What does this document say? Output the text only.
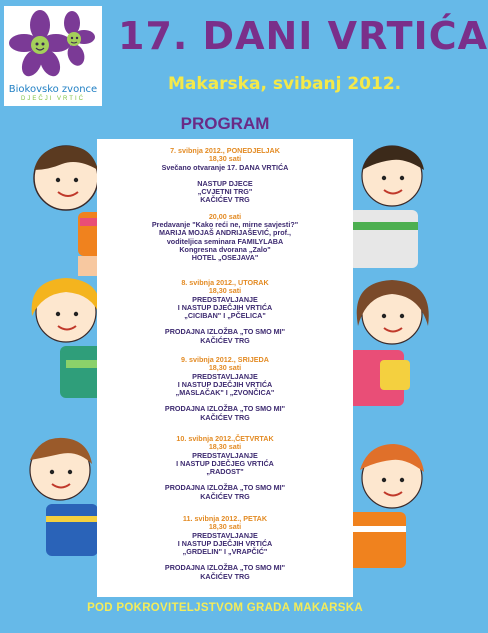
Biokovsko zvonce
DJEČJI VRTIĆ
17. DANI VRTIĆA
Makarska, svibanj 2012.
PROGRAM
7. svibnja 2012., PONEDJELJAK
18,30 sati
Svečano otvaranje 17. DANA VRTIĆA
NASTUP DJECE
„CVJETNI TRG"
KAČIĆEV TRG
20,00 sati
Predavanje "Kako reći ne, mirne savjesti?"
MARIJA MOJAŠ ANDRIJAŠEVIĆ, prof.,
voditeljica seminara FAMILYLABA
Kongresna dvorana „Zalo"
HOTEL „OSEJAVA"
8. svibnja 2012., UTORAK
18,30 sati
PREDSTAVLJANJE
I NASTUP DJEČJIH VRTIĆA
„CICIBAN" I „PČELICA"
PRODAJNA IZLOŽBA „TO SMO MI"
KAČIĆEV TRG
9. svibnja 2012., SRIJEDA
18,30 sati
PREDSTAVLJANJE
I NASTUP DJEČJIH VRTIĆA
„MASLAČAK" I „ZVONČICA"
PRODAJNA IZLOŽBA „TO SMO MI"
KAČIĆEV TRG
10. svibnja 2012.,ČETVRTAK
18,30 sati
PREDSTAVLJANJE
I NASTUP DJEČJEG VRTIĆA
„RADOST"
PRODAJNA IZLOŽBA „TO SMO MI"
KAČIĆEV TRG
11. svibnja 2012., PETAK
18,30 sati
PREDSTAVLJANJE
I NASTUP DJEČJIH VRTIĆA
„GRDELIN" I „VRAPČIĆ"
PRODAJNA IZLOŽBA „TO SMO MI"
KAČIĆEV TRG
POD POKROVITELJSTVOM GRADA MAKARSKA
